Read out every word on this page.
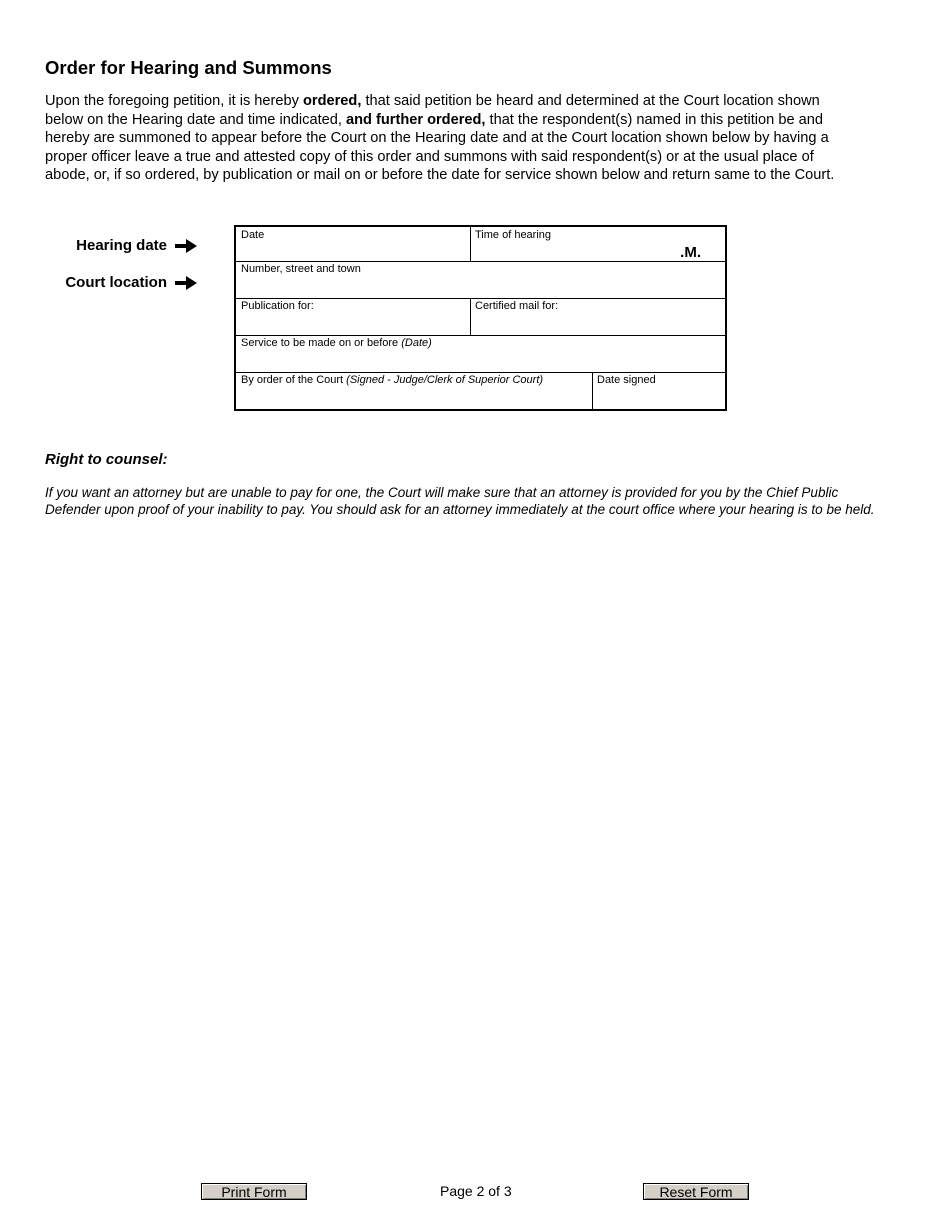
Order for Hearing and Summons

Upon the foregoing petition, it is hereby ordered, that said petition be heard and determined at the Court location shown
below on the Hearing date and time indicated, and further ordered, that the respondent(s) named in this petition be and
hereby are summoned to appear before the Court on the Hearing date and at the Court location shown below by having a
proper officer leave a true and attested copy of this order and summons with said respondent(s) or at the usual place of
abode, or, if so ordered, by publication or mail on or before the date for service shown below and return same to the Court.

Hearing date
Court location
Date	Time of hearing
.M.
Number, street and town
Publication for:	Certified mail for:
Service to be made on or before (Date)
By order of the Court (Signed - Judge/Clerk of Superior Court)	Date signed
Right to counsel:

If you want an attorney but are unable to pay for one, the Court will make sure that an attorney is provided for you by the Chief Public
Defender upon proof of your inability to pay. You should ask for an attorney immediately at the court office where your hearing is to be held.

Print Form	Page 2 of 3	Reset Form
